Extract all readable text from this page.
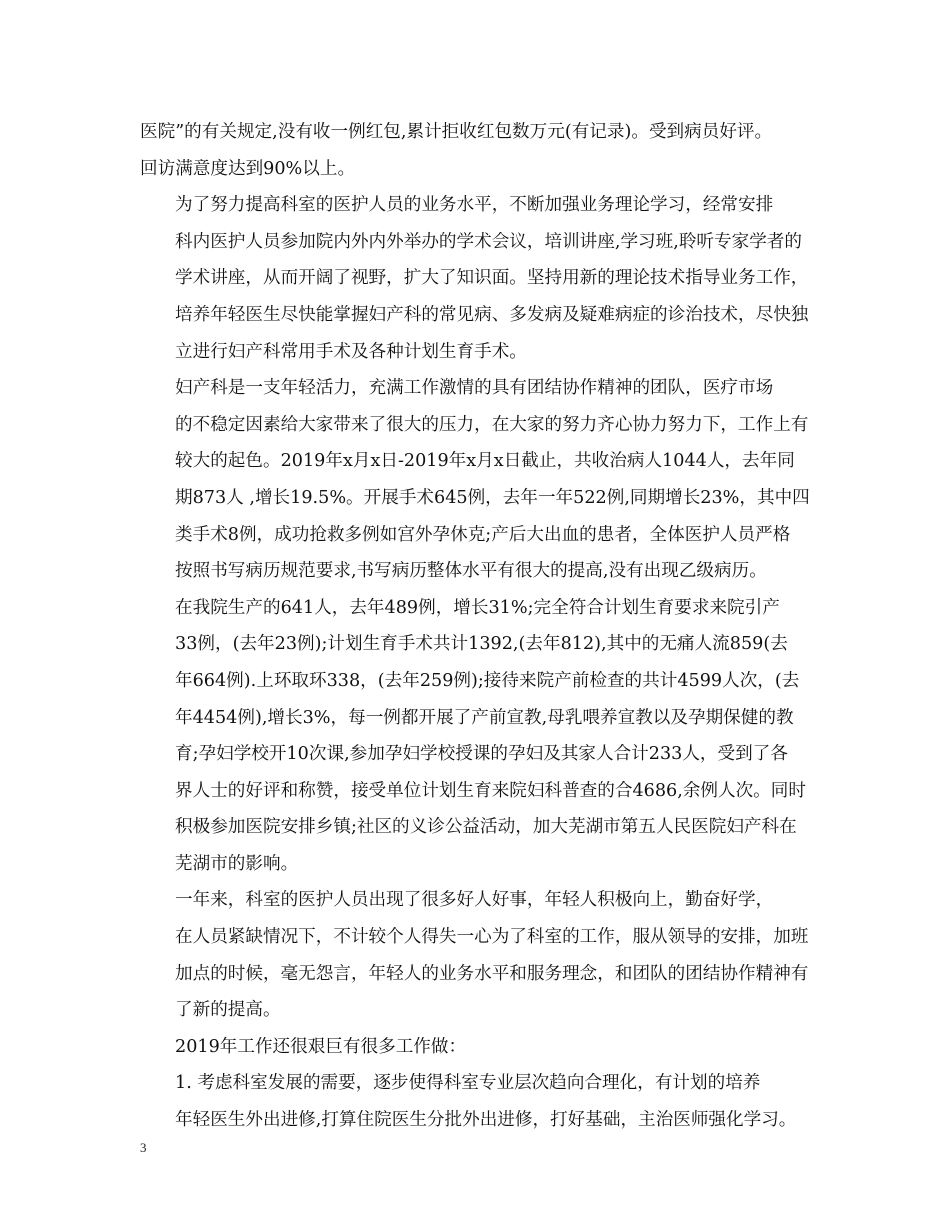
医院”的有关规定,没有收一例红包,累计拒收红包数万元(有记录)。受到病员好评。
回访满意度达到90%以上。

为了努力提高科室的医护人员的业务水平，不断加强业务理论学习，经常安排
科内医护人员参加院内外内外举办的学术会议，培训讲座,学习班,聆听专家学者的
学术讲座，从而开阔了视野，扩大了知识面。坚持用新的理论技术指导业务工作，
培养年轻医生尽快能掌握妇产科的常见病、多发病及疑难病症的诊治技术，尽快独
立进行妇产科常用手术及各种计划生育手术。

妇产科是一支年轻活力，充满工作激情的具有团结协作精神的团队，医疗市场
的不稳定因素给大家带来了很大的压力，在大家的努力齐心协力努力下，工作上有
较大的起色。2019年x月x日-2019年x月x日截止，共收治病人1044人，去年同
期873人 ,增长19.5%。开展手术645例，去年一年522例,同期增长23%，其中四
类手术8例，成功抢救多例如宫外孕休克;产后大出血的患者，全体医护人员严格
按照书写病历规范要求,书写病历整体水平有很大的提高,没有出现乙级病历。

在我院生产的641人，去年489例，增长31%;完全符合计划生育要求来院引产
33例，(去年23例);计划生育手术共计1392,(去年812),其中的无痛人流859(去
年664例).上环取环338，(去年259例);接待来院产前检查的共计4599人次，(去
年4454例),增长3%，每一例都开展了产前宣教,母乳喂养宣教以及孕期保健的教
育;孕妇学校开10次课,参加孕妇学校授课的孕妇及其家人合计233人，受到了各
界人士的好评和称赞，接受单位计划生育来院妇科普查的合4686,余例人次。同时
积极参加医院安排乡镇;社区的义诊公益活动，加大芜湖市第五人民医院妇产科在
芜湖市的影响。

一年来，科室的医护人员出现了很多好人好事，年轻人积极向上，勤奋好学，
在人员紧缺情况下，不计较个人得失一心为了科室的工作，服从领导的安排，加班
加点的时候，毫无怨言，年轻人的业务水平和服务理念，和团队的团结协作精神有
了新的提高。

2019年工作还很艰巨有很多工作做：

1. 考虑科室发展的需要，逐步使得科室专业层次趋向合理化，有计划的培养
年轻医生外出进修,打算住院医生分批外出进修，打好基础，主治医师强化学习。

3
